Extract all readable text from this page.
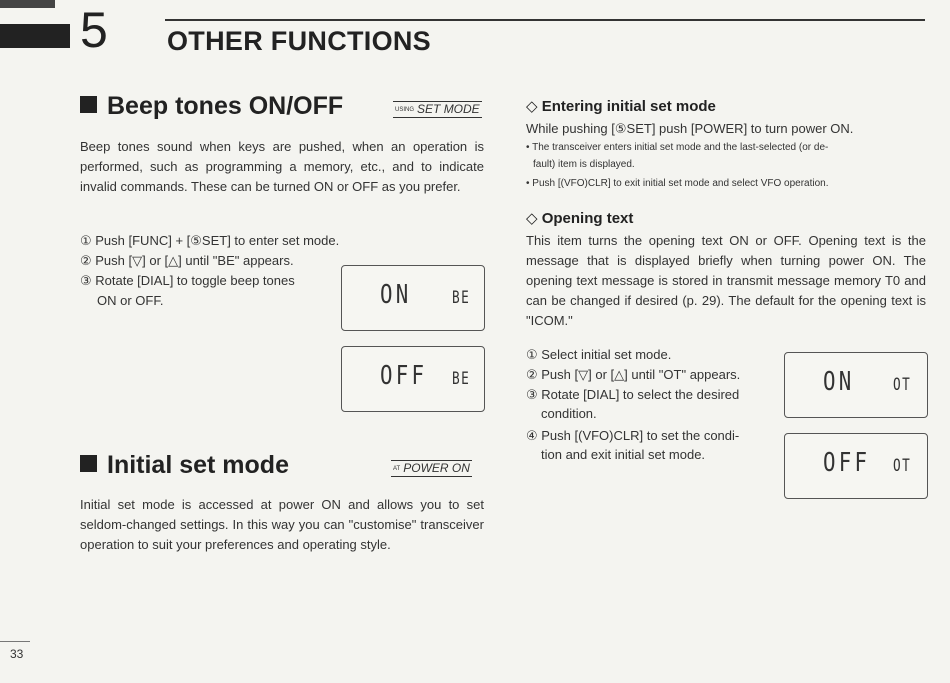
5 OTHER FUNCTIONS
Beep tones ON/OFF	USING SET MODE
Beep tones sound when keys are pushed, when an operation is performed, such as programming a memory, etc., and to indicate invalid commands. These can be turned ON or OFF as you prefer.
① Push [FUNC] + [⑤SET] to enter set mode.
② Push [▽] or [△] until "BE" appears.
③ Rotate [DIAL] to toggle beep tones
ON or OFF.	ON BE
OFF BE
Initial set mode	AT POWER ON
Initial set mode is accessed at power ON and allows you to set seldom-changed settings. In this way you can "customise" transceiver operation to suit your preferences and operating style.
◇ Entering initial set mode
While pushing [⑤SET] push [POWER] to turn power ON.
• The transceiver enters initial set mode and the last-selected (or de-
fault) item is displayed.
• Push [(VFO)CLR] to exit initial set mode and select VFO operation.
◇ Opening text
This item turns the opening text ON or OFF. Opening text is the message that is displayed briefly when turning power ON. The opening text message is stored in transmit message memory T0 and can be changed if desired (p. 29). The default for the opening text is "ICOM."
① Select initial set mode.
② Push [▽] or [△] until "OT" appears.
③ Rotate [DIAL] to select the desired
condition.
④ Push [(VFO)CLR] to set the condi-
tion and exit initial set mode.
ON OT
OFF OT
33
